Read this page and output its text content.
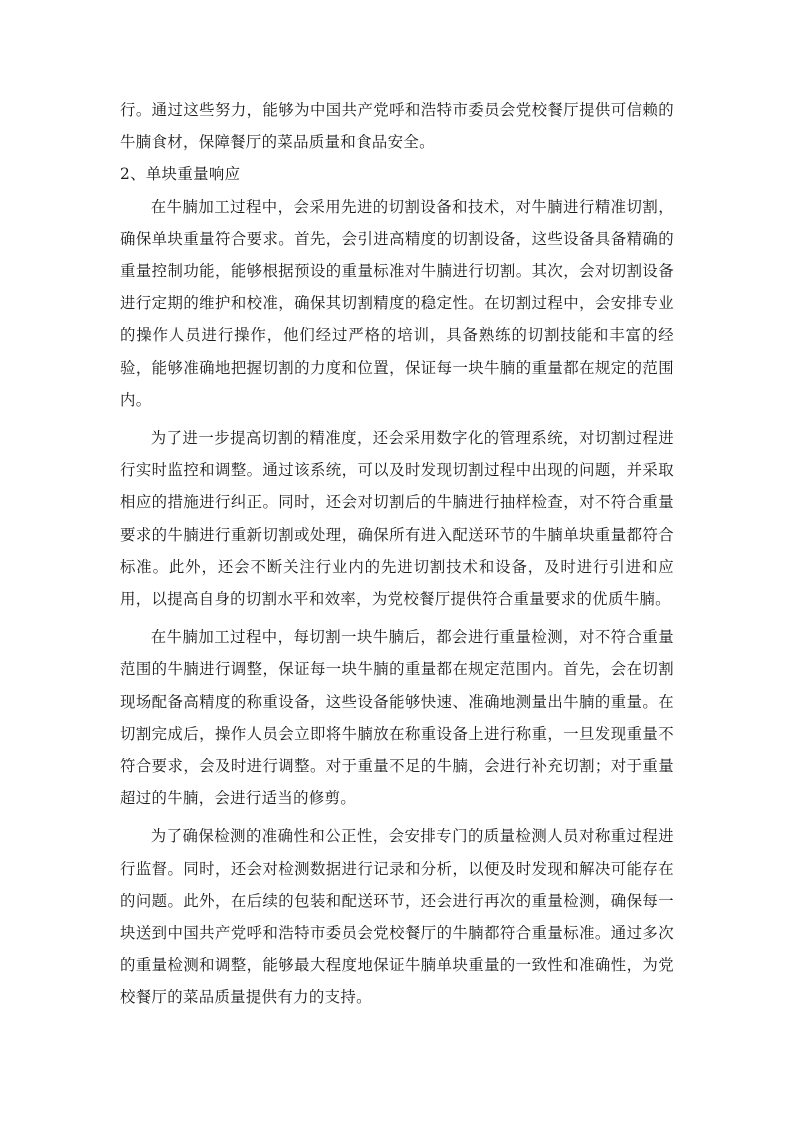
行。通过这些努力，能够为中国共产党呼和浩特市委员会党校餐厅提供可信赖的牛腩食材，保障餐厅的菜品质量和食品安全。

2、单块重量响应

在牛腩加工过程中，会采用先进的切割设备和技术，对牛腩进行精准切割，确保单块重量符合要求。首先，会引进高精度的切割设备，这些设备具备精确的重量控制功能，能够根据预设的重量标准对牛腩进行切割。其次，会对切割设备进行定期的维护和校准，确保其切割精度的稳定性。在切割过程中，会安排专业的操作人员进行操作，他们经过严格的培训，具备熟练的切割技能和丰富的经验，能够准确地把握切割的力度和位置，保证每一块牛腩的重量都在规定的范围内。

为了进一步提高切割的精准度，还会采用数字化的管理系统，对切割过程进行实时监控和调整。通过该系统，可以及时发现切割过程中出现的问题，并采取相应的措施进行纠正。同时，还会对切割后的牛腩进行抽样检查，对不符合重量要求的牛腩进行重新切割或处理，确保所有进入配送环节的牛腩单块重量都符合标准。此外，还会不断关注行业内的先进切割技术和设备，及时进行引进和应用，以提高自身的切割水平和效率，为党校餐厅提供符合重量要求的优质牛腩。

在牛腩加工过程中，每切割一块牛腩后，都会进行重量检测，对不符合重量范围的牛腩进行调整，保证每一块牛腩的重量都在规定范围内。首先，会在切割现场配备高精度的称重设备，这些设备能够快速、准确地测量出牛腩的重量。在切割完成后，操作人员会立即将牛腩放在称重设备上进行称重，一旦发现重量不符合要求，会及时进行调整。对于重量不足的牛腩，会进行补充切割；对于重量超过的牛腩，会进行适当的修剪。

为了确保检测的准确性和公正性，会安排专门的质量检测人员对称重过程进行监督。同时，还会对检测数据进行记录和分析，以便及时发现和解决可能存在的问题。此外，在后续的包装和配送环节，还会进行再次的重量检测，确保每一块送到中国共产党呼和浩特市委员会党校餐厅的牛腩都符合重量标准。通过多次的重量检测和调整，能够最大程度地保证牛腩单块重量的一致性和准确性，为党校餐厅的菜品质量提供有力的支持。
